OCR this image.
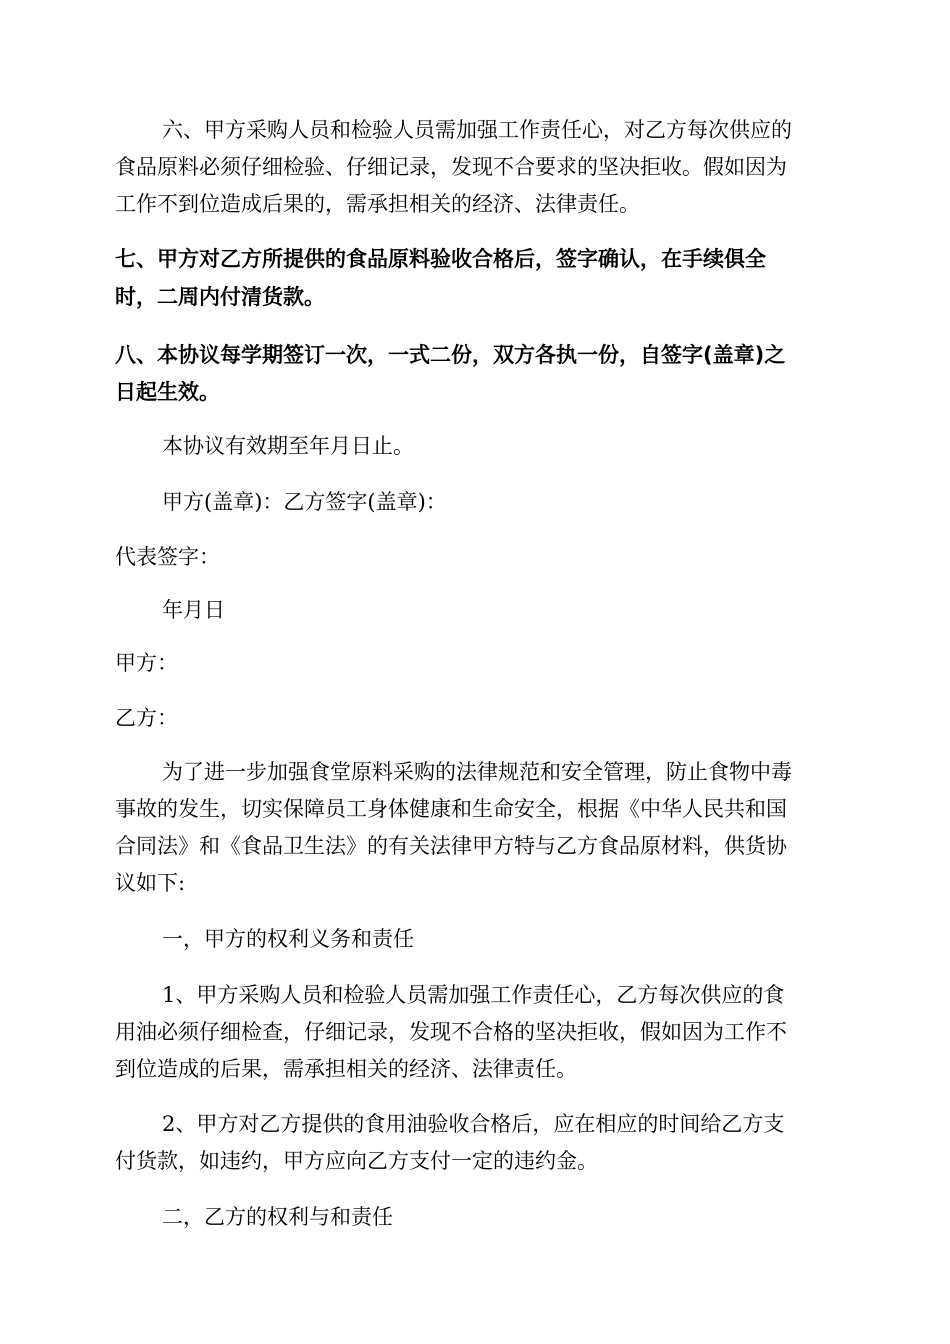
六、甲方采购人员和检验人员需加强工作责任心，对乙方每次供应的
食品原料必须仔细检验、仔细记录，发现不合要求的坚决拒收。假如因为
工作不到位造成后果的，需承担相关的经济、法律责任。
七、甲方对乙方所提供的食品原料验收合格后，签字确认，在手续俱全
时，二周内付清货款。
八、本协议每学期签订一次，一式二份，双方各执一份，自签字(盖章)之
日起生效。
本协议有效期至年月日止。
甲方(盖章)：乙方签字(盖章)：
代表签字：
年月日
甲方：
乙方：
为了进一步加强食堂原料采购的法律规范和安全管理，防止食物中毒
事故的发生，切实保障员工身体健康和生命安全，根据《中华人民共和国
合同法》和《食品卫生法》的有关法律甲方特与乙方食品原材料，供货协
议如下:
一，甲方的权利义务和责任
1、甲方采购人员和检验人员需加强工作责任心，乙方每次供应的食
用油必须仔细检查，仔细记录，发现不合格的坚决拒收，假如因为工作不
到位造成的后果，需承担相关的经济、法律责任。
2、甲方对乙方提供的食用油验收合格后，应在相应的时间给乙方支
付货款，如违约，甲方应向乙方支付一定的违约金。
二，乙方的权利与和责任
